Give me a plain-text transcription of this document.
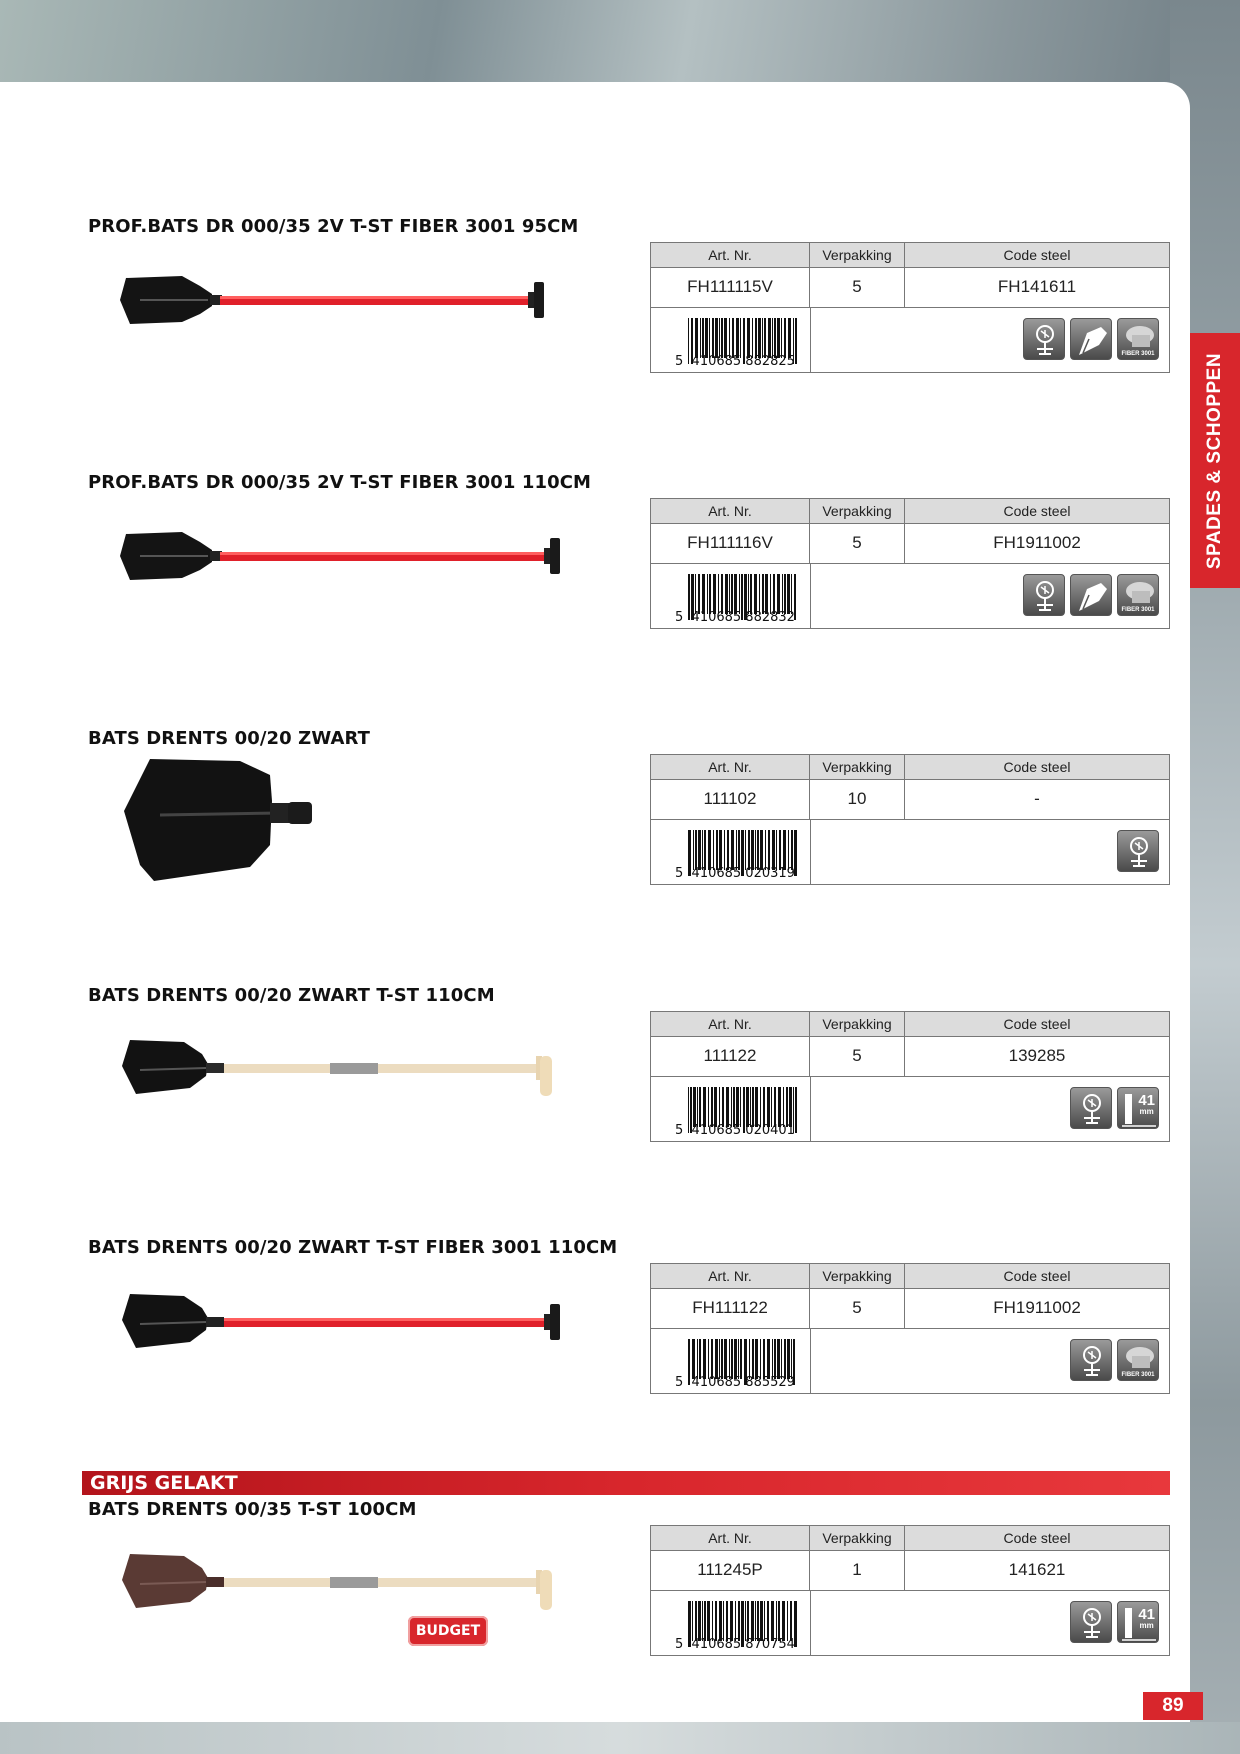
SPADES & SCHOPPEN
GRIJS GELAKT
89
PROF.BATS DR 000/35 2V T-ST FIBER 3001 95CM
Art. Nr.	Verpakking	Code steel
FH111115V	5	FH141611
5  410685 882825	FIBER 3001
PROF.BATS DR 000/35 2V T-ST FIBER 3001 110CM
Art. Nr.	Verpakking	Code steel
FH111116V	5	FH1911002
5  410685 882832	FIBER 3001
BATS DRENTS 00/20 ZWART
Art. Nr.	Verpakking	Code steel
111102	10	-
5  410685 020319
BATS DRENTS 00/20 ZWART T-ST 110CM
Art. Nr.	Verpakking	Code steel
111122	5	139285
5  410685 020401
41
mm
BATS DRENTS 00/20 ZWART T-ST FIBER 3001 110CM
Art. Nr.	Verpakking	Code steel
FH111122	5	FH1911002
5  410685 885529	FIBER 3001
BATS DRENTS 00/35 T-ST 100CM
Art. Nr.	Verpakking	Code steel
111245P	1	141621
5  410685 870754
41
mm
BUDGET
